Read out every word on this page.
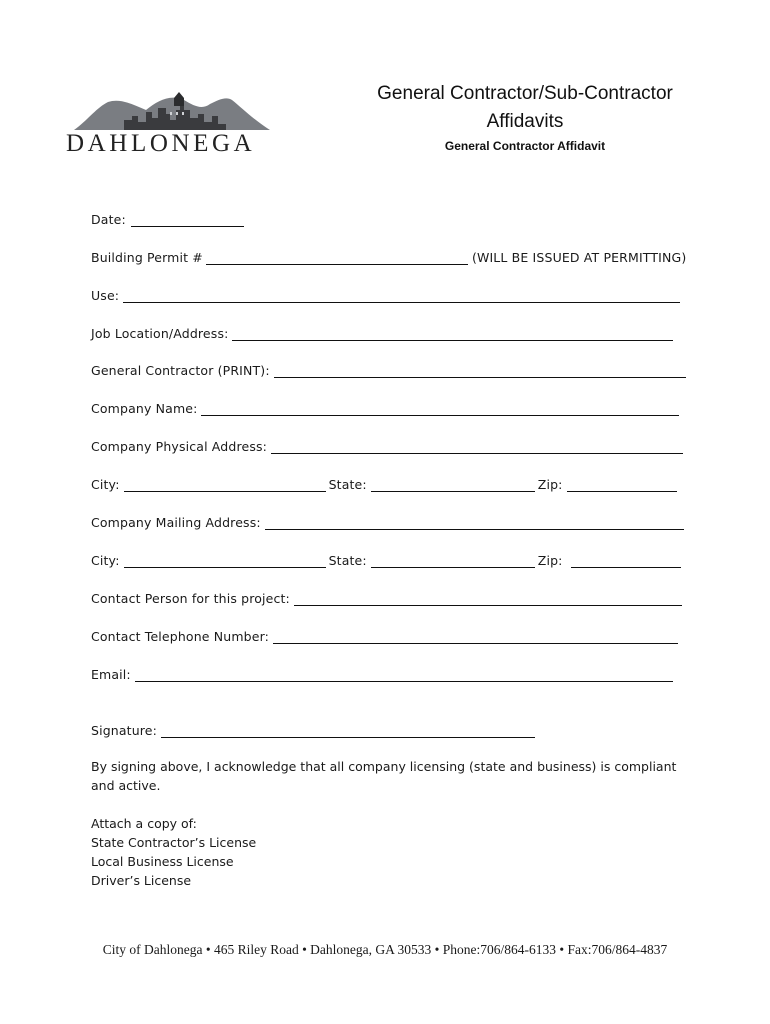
DAHLONEGA
General Contractor/Sub-Contractor
Affidavits
General Contractor Affidavit
Date:
Building Permit #	(WILL BE ISSUED AT PERMITTING)
Use:
Job Location/Address:
General Contractor (PRINT):
Company Name:
Company Physical Address:
City:	State:	Zip:
Company Mailing Address:
City:	State:	Zip:
Contact Person for this project:
Contact Telephone Number:
Email:
Signature:
By signing above, I acknowledge that all company licensing (state and business) is compliant
and active.
Attach a copy of:
State Contractor’s License
Local Business License
Driver’s License
City of Dahlonega • 465 Riley Road • Dahlonega, GA 30533 • Phone:706/864-6133 • Fax:706/864-4837
